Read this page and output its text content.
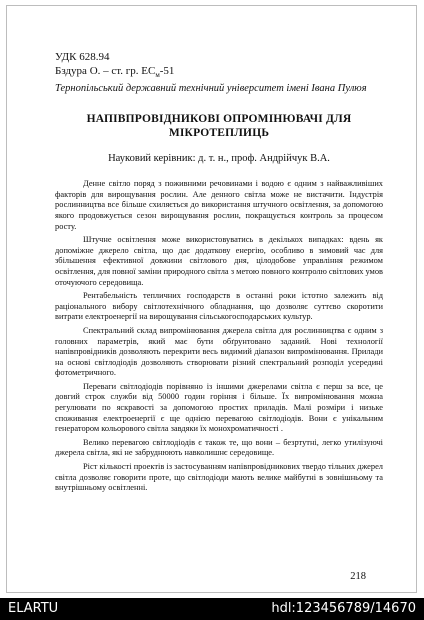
УДК 628.94
Бздура О. – ст. гр. $ЕС_м-51$
Тернопільський державний технічний університет імені Івана Пулюя
НАПІВПРОВІДНИКОВІ ОПРОМІНЮВАЧІ ДЛЯ МІКРОТЕПЛИЦЬ
Науковий керівник: д. т. н., проф. Андрійчук В.А.

Денне світло поряд з поживними речовинами і водою є одним з найважливіших факторів для вирощування рослин. Але денного світла може не вистачити. Індустрія рослинництва все більше схиляється до використання штучного освітлення, за допомогою якого продовжується сезон вирощування рослин, покращується контроль за процесом росту.

Штучне освітлення може використовуватись в декількох випадках: вдень як допоміжне джерело світла, що дає додаткову енергію, особливо в зимовий час для збільшення ефективної довжини світлового дня, цілодобове управління режимом освітлення, для повної заміни природного світла з метою повного контролю світлових умов оточуючого середовища.

Рентабельність тепличних господарств в останні роки істотно залежить від раціонального вибору світлотехнічного обладнання, що дозволяє суттєво скоротити витрати електроенергії на вирощування сільськогосподарських культур.

Спектральний склад випромінювання джерела світла для рослинництва є одним з головних параметрів, який має бути обґрунтовано заданий. Нові технології напівпровідників дозволяють перекрити весь видимий діапазон випромінювання. Прилади на основі світлодіодів дозволяють створювати різний спектральний розподіл усередині фотометричного.

Переваги світлодіодів порівняно із іншими джерелами світла є перш за все, це довгий строк служби від 50000 годин горіння і більше. Їх випромінювання можна регулювати по яскравості за допомогою простих приладів. Малі розміри і низьке споживання електроенергії є ще однією перевагою світлодіодів. Вони є унікальним генератором кольорового світла завдяки їх монохроматичності .

Велико перевагою світлодіодів є також те, що вони – безртутні, легко утилізуючі джерела світла, які не забруднюють навколишнє середовище.

Ріст кількості проектів із застосуванням напівпровідникових твердо тільних джерел світла дозволяє говорити проте, що світлодіоди мають велике майбутні в зовнішньому та внутрішньому освітленні.

218
ELARTU	hdl:123456789/14670
